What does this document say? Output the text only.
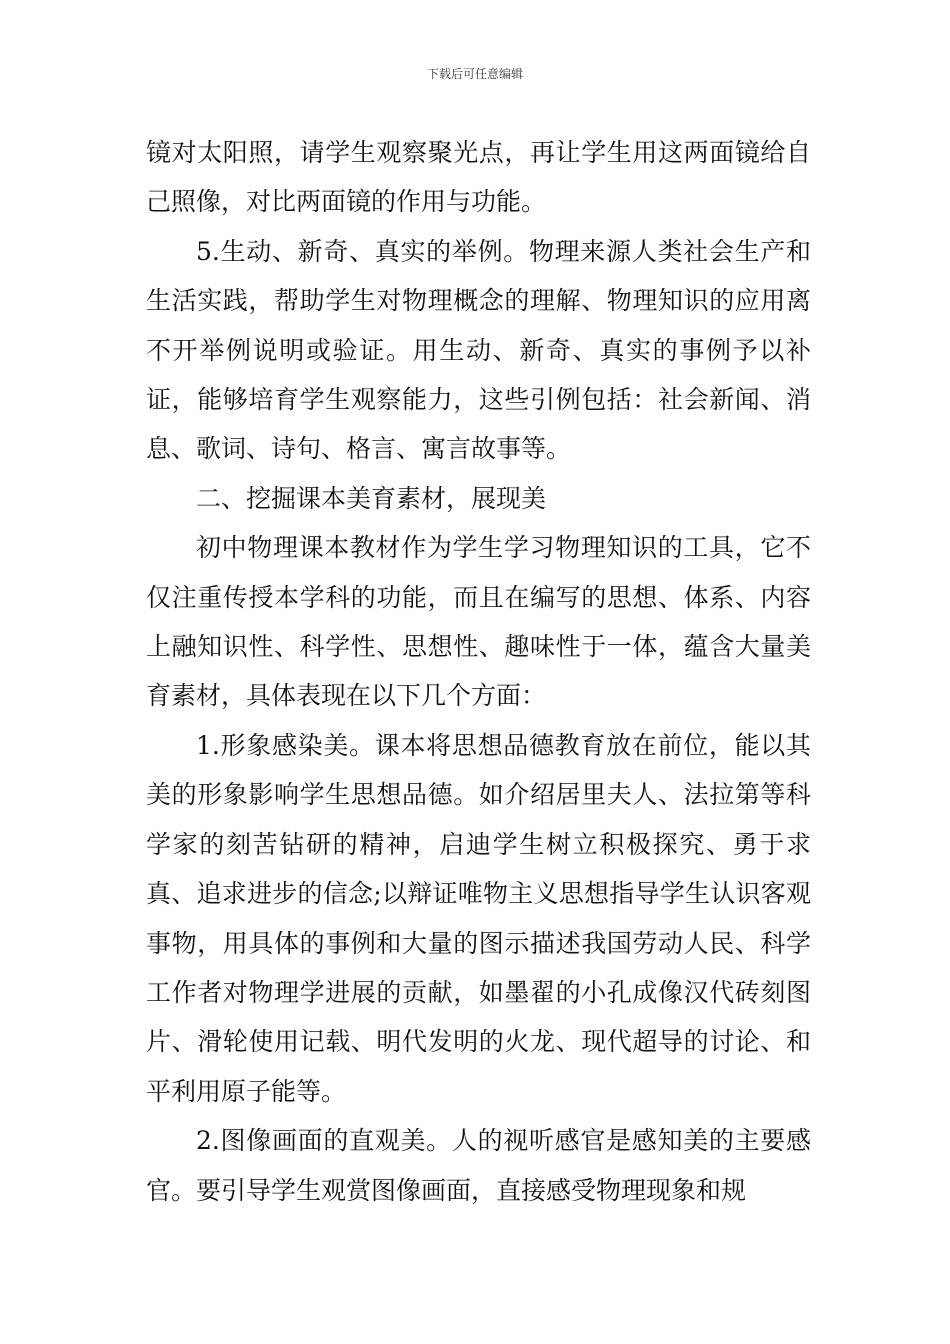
下载后可任意编辑

镜对太阳照，请学生观察聚光点，再让学生用这两面镜给自己照像，对比两面镜的作用与功能。

5.生动、新奇、真实的举例。物理来源人类社会生产和生活实践，帮助学生对物理概念的理解、物理知识的应用离不开举例说明或验证。用生动、新奇、真实的事例予以补证，能够培育学生观察能力，这些引例包括：社会新闻、消息、歌词、诗句、格言、寓言故事等。

二、挖掘课本美育素材，展现美

初中物理课本教材作为学生学习物理知识的工具，它不仅注重传授本学科的功能，而且在编写的思想、体系、内容上融知识性、科学性、思想性、趣味性于一体，蕴含大量美育素材，具体表现在以下几个方面：

1.形象感染美。课本将思想品德教育放在前位，能以其美的形象影响学生思想品德。如介绍居里夫人、法拉第等科学家的刻苦钻研的精神，启迪学生树立积极探究、勇于求真、追求进步的信念;以辩证唯物主义思想指导学生认识客观事物，用具体的事例和大量的图示描述我国劳动人民、科学工作者对物理学进展的贡献，如墨翟的小孔成像汉代砖刻图片、滑轮使用记载、明代发明的火龙、现代超导的讨论、和平利用原子能等。

2.图像画面的直观美。人的视听感官是感知美的主要感官。要引导学生观赏图像画面，直接感受物理现象和规
